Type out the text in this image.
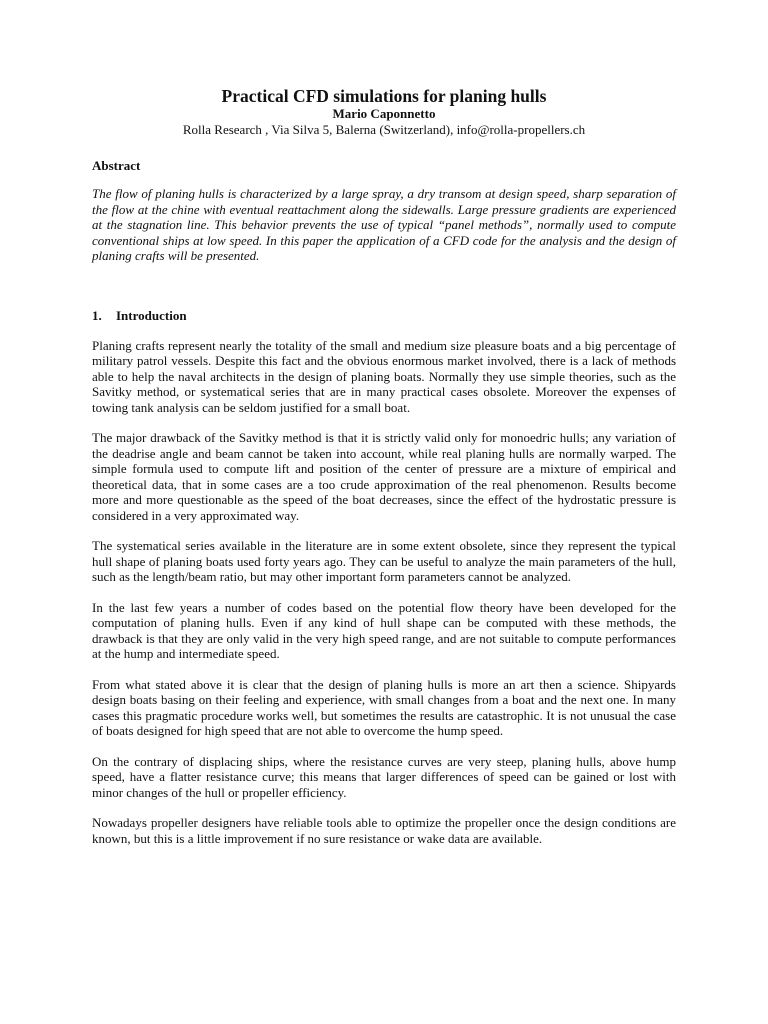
Practical CFD simulations for planing hulls

Mario Caponnetto

Rolla Research , Via Silva 5, Balerna (Switzerland), info@rolla-propellers.ch

Abstract

The flow of planing hulls is characterized by a large spray, a dry transom at design speed, sharp separation of the flow at the chine with eventual reattachment along the sidewalls. Large pressure gradients are experienced at the stagnation line. This behavior prevents the use of typical “panel methods”, normally used to compute conventional ships at low speed. In this paper the application of a CFD code for the analysis and the design of planing crafts will be presented.

1. Introduction

Planing crafts represent nearly the totality of the small and medium size pleasure boats and a big percentage of military patrol vessels. Despite this fact and the obvious enormous market involved, there is a lack of methods able to help the naval architects in the design of planing boats. Normally they use simple theories, such as the Savitky method, or systematical series that are in many practical cases obsolete. Moreover the expenses of towing tank analysis can be seldom justified for a small boat.

The major drawback of the Savitky method is that it is strictly valid only for monoedric hulls; any variation of the deadrise angle and beam cannot be taken into account, while real planing hulls are normally warped. The simple formula used to compute lift and position of the center of pressure are a mixture of empirical and theoretical data, that in some cases are a too crude approximation of the real phenomenon. Results become more and more questionable as the speed of the boat decreases, since the effect of the hydrostatic pressure is considered in a very approximated way.

The systematical series available in the literature are in some extent obsolete, since they represent the typical hull shape of planing boats used forty years ago. They can be useful to analyze the main parameters of the hull, such as the length/beam ratio, but may other important form parameters cannot be analyzed.

In the last few years a number of codes based on the potential flow theory have been developed for the computation of planing hulls. Even if any kind of hull shape can be computed with these methods, the drawback is that they are only valid in the very high speed range, and are not suitable to compute performances at the hump and intermediate speed.

From what stated above it is clear that the design of planing hulls is more an art then a science. Shipyards design boats basing on their feeling and experience, with small changes from a boat and the next one. In many cases this pragmatic procedure works well, but sometimes the results are catastrophic. It is not unusual the case of boats designed for high speed that are not able to overcome the hump speed.

On the contrary of displacing ships, where the resistance curves are very steep, planing hulls, above hump speed, have a flatter resistance curve; this means that larger differences of speed can be gained or lost with minor changes of the hull or propeller efficiency.

Nowadays propeller designers have reliable tools able to optimize the propeller once the design conditions are known, but this is a little improvement if no sure resistance or wake data are available.
